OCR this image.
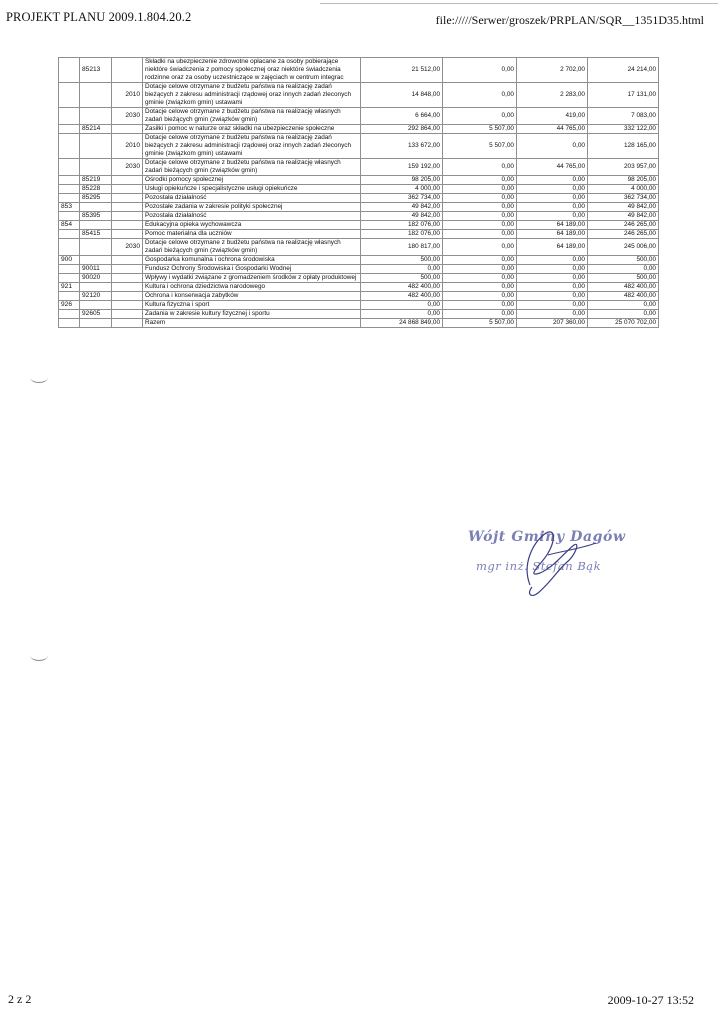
PROJEKT PLANU 2009.1.804.20.2	file://///Serwer/groszek/PRPLAN/SQR__1351D35.html
	85213		Składki na ubezpieczenie zdrowotne opłacane za osoby pobierające niektóre świadczenia z pomocy społecznej oraz niektóre świadczenia rodzinne oraz za osoby uczestniczące w zajęciach w centrum integrac	21 512,00	0,00	2 702,00	24 214,00
		2010	Dotacje celowe otrzymane z budżetu państwa na realizację zadań bieżących z zakresu administracji rządowej oraz innych zadań zleconych gminie (związkom gmin) ustawami	14 848,00	0,00	2 283,00	17 131,00
		2030	Dotacje celowe otrzymane z budżetu państwa na realizację własnych zadań bieżących gmin (związków gmin)	6 664,00	0,00	419,00	7 083,00
	85214		Zasiłki i pomoc w naturze oraz składki na ubezpieczenie społeczne	292 864,00	5 507,00	44 765,00	332 122,00
		2010	Dotacje celowe otrzymane z budżetu państwa na realizację zadań bieżących z zakresu administracji rządowej oraz innych zadań zleconych gminie (związkom gmin) ustawami	133 672,00	5 507,00	0,00	128 165,00
		2030	Dotacje celowe otrzymane z budżetu państwa na realizację własnych zadań bieżących gmin (związków gmin)	159 192,00	0,00	44 765,00	203 957,00
	85219		Ośrodki pomocy społecznej	98 205,00	0,00	0,00	98 205,00
	85228		Usługi opiekuńcze i specjalistyczne usługi opiekuńcze	4 000,00	0,00	0,00	4 000,00
	85295		Pozostała działalność	362 734,00	0,00	0,00	362 734,00
853			Pozostałe zadania w zakresie polityki społecznej	49 842,00	0,00	0,00	49 842,00
	85395		Pozostała działalność	49 842,00	0,00	0,00	49 842,00
854			Edukacyjna opieka wychowawcza	182 076,00	0,00	64 189,00	246 265,00
	85415		Pomoc materialna dla uczniów	182 076,00	0,00	64 189,00	246 265,00
		2030	Dotacje celowe otrzymane z budżetu państwa na realizację własnych zadań bieżących gmin (związków gmin)	180 817,00	0,00	64 189,00	245 006,00
900			Gospodarka komunalna i ochrona środowiska	500,00	0,00	0,00	500,00
	90011		Fundusz Ochrony Środowiska i Gospodarki Wodnej	0,00	0,00	0,00	0,00
	90020		Wpływy i wydatki związane z gromadzeniem środków z opłaty produktowej	500,00	0,00	0,00	500,00
921			Kultura i ochrona dziedzictwa narodowego	482 400,00	0,00	0,00	482 400,00
	92120		Ochrona i konserwacja zabytków	482 400,00	0,00	0,00	482 400,00
926			Kultura fizyczna i sport	0,00	0,00	0,00	0,00
	92605		Zadania w zakresie kultury fizycznej i sportu	0,00	0,00	0,00	0,00
			Razem	24 868 849,00	5 507,00	207 360,00	25 070 702,00
Wójt Gminy Dagów
mgr inż. Stefan Bąk
2 z 2	2009-10-27 13:52
